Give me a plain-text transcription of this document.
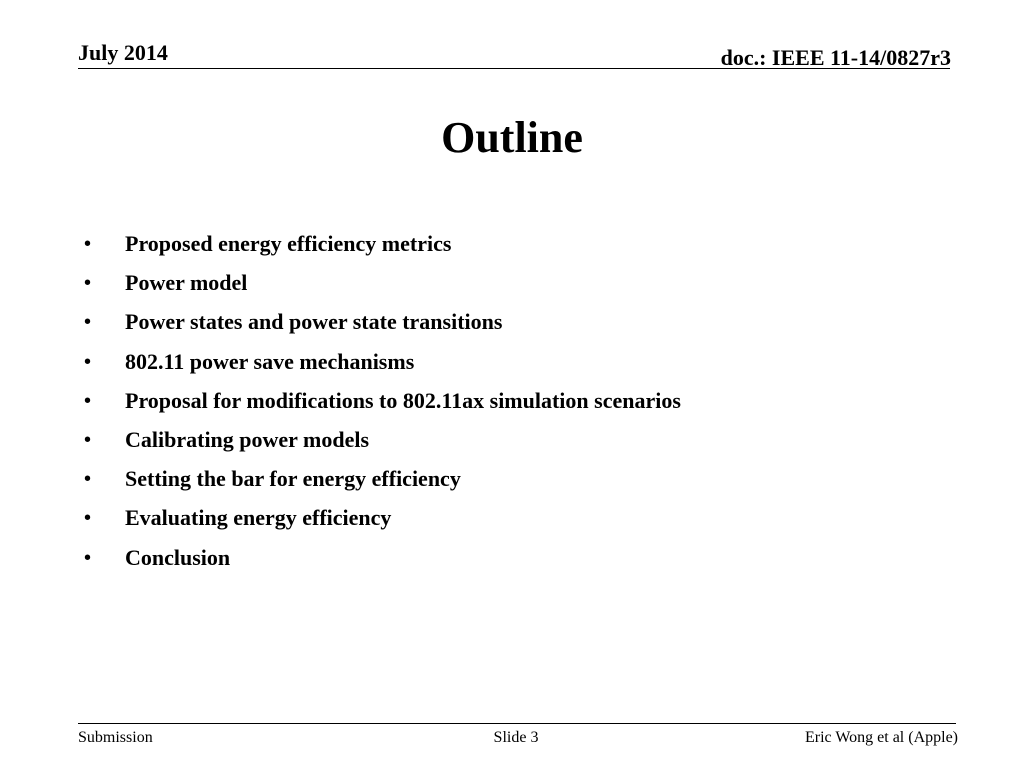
July 2014	doc.: IEEE 11-14/0827r3
Outline
• Proposed energy efficiency metrics
• Power model
• Power states and power state transitions
• 802.11 power save mechanisms
• Proposal for modifications to 802.11ax simulation scenarios
• Calibrating power models
• Setting the bar for energy efficiency
• Evaluating energy efficiency
• Conclusion
Submission	Slide 3	Eric Wong et al (Apple)
